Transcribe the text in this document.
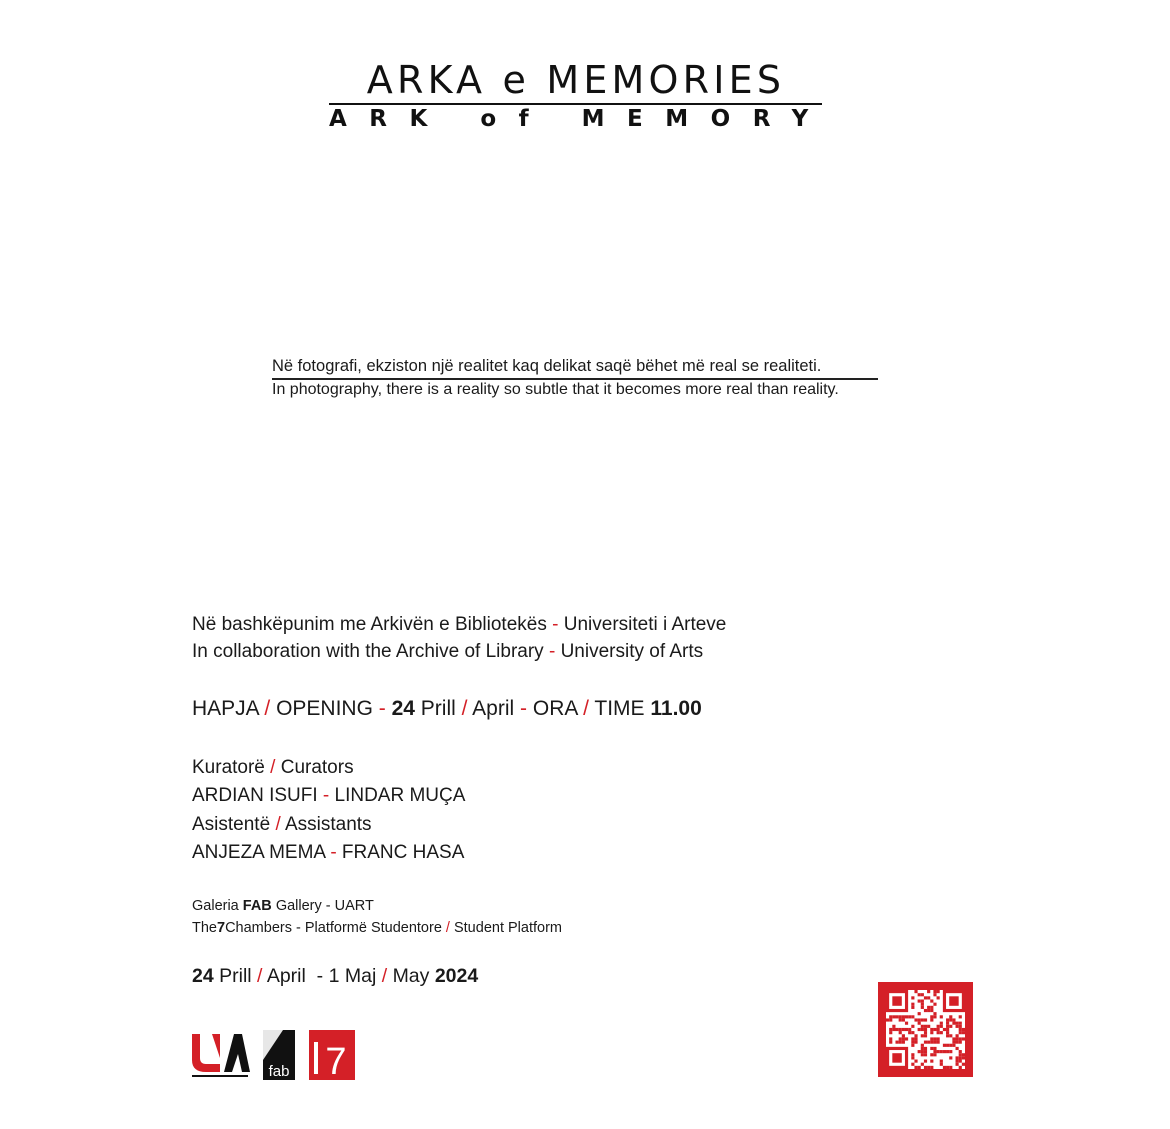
ARKA e MEMORIES
ARK of MEMORY
Në fotografi, ekziston një realitet kaq delikat saqë bëhet më real se realiteti.
In photography, there is a reality so subtle that it becomes more real than reality.
Në bashkëpunim me Arkivën e Bibliotekës - Universiteti i Arteve
In collaboration with the Archive of Library - University of Arts
HAPJA / OPENING - 24 Prill / April - ORA / TIME 11.00
Kuratorë / Curators
ARDIAN ISUFI - LINDAR MUÇA
Asistentë / Assistants
ANJEZA MEMA - FRANC HASA
Galeria FAB Gallery - UART
The7Chambers - Platformë Studentore / Student Platform
24 Prill / April  - 1 Maj / May 2024
fab 7
